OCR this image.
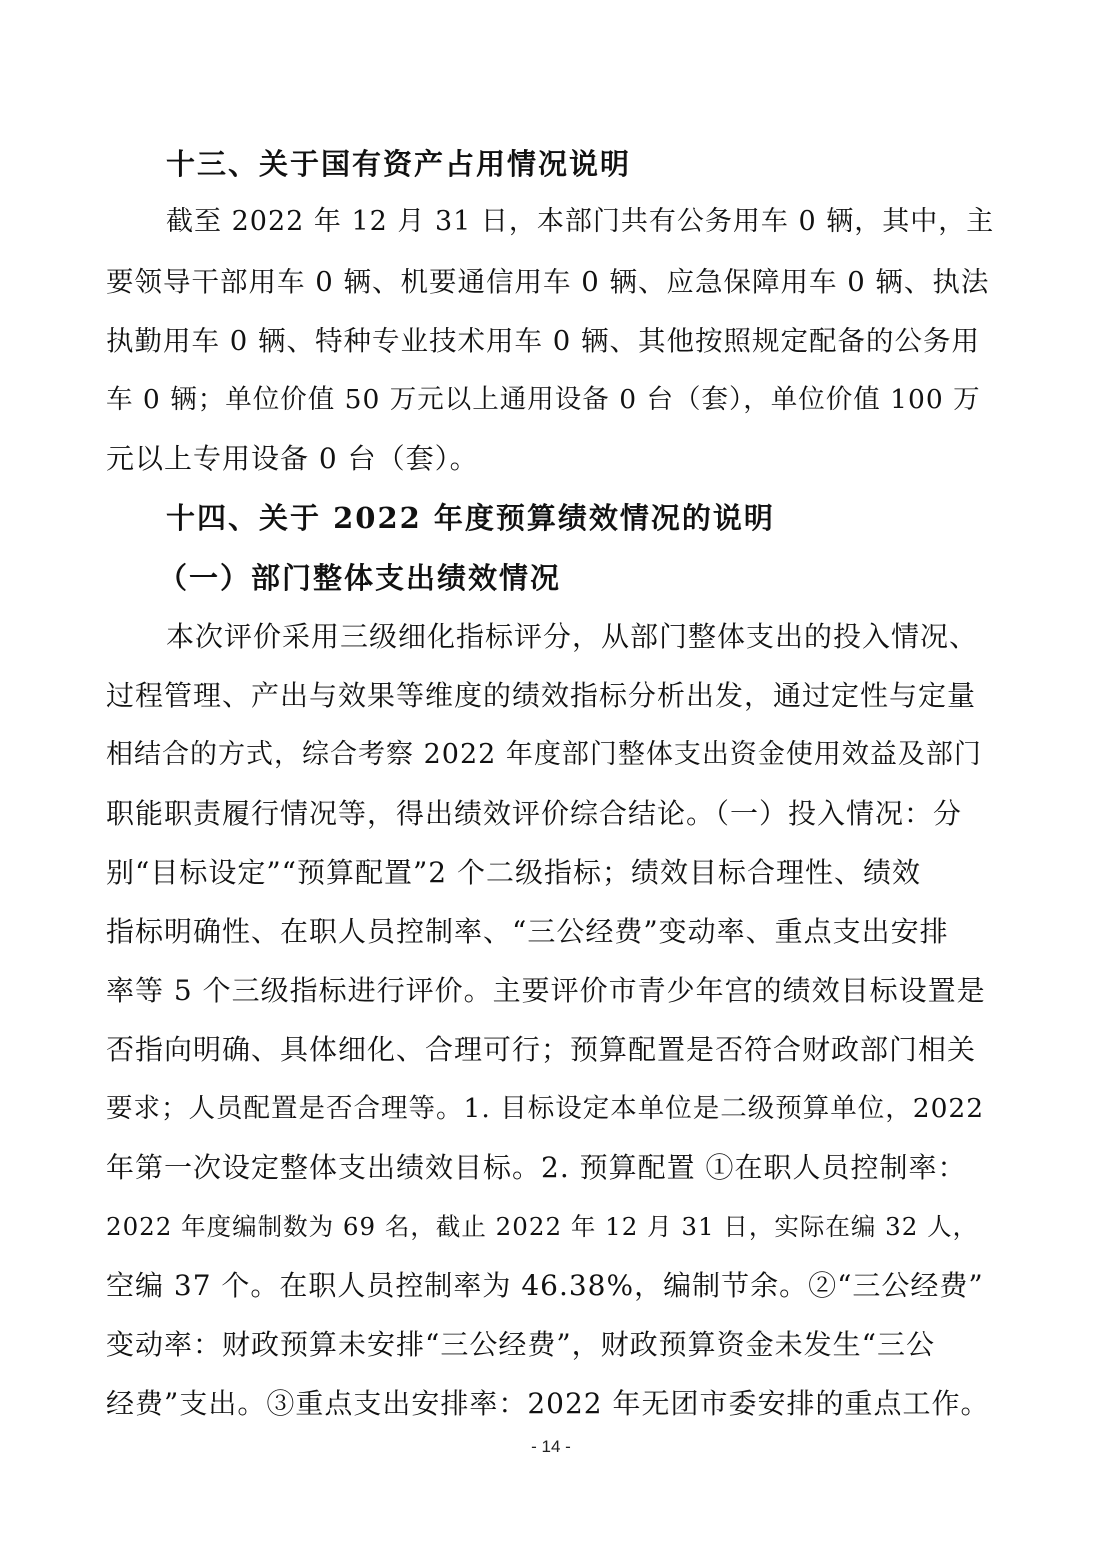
十三、关于国有资产占用情况说明
截至 2022 年 12 月 31 日，本部门共有公务用车 0 辆，其中，主
要领导干部用车 0 辆、机要通信用车 0 辆、应急保障用车 0 辆、执法
执勤用车 0 辆、特种专业技术用车 0 辆、其他按照规定配备的公务用
车 0 辆；单位价值 50 万元以上通用设备 0 台（套），单位价值 100 万
元以上专用设备 0 台（套）。
十四、关于 2022 年度预算绩效情况的说明
（一）部门整体支出绩效情况
本次评价采用三级细化指标评分，从部门整体支出的投入情况、
过程管理、产出与效果等维度的绩效指标分析出发，通过定性与定量
相结合的方式，综合考察 2022 年度部门整体支出资金使用效益及部门
职能职责履行情况等，得出绩效评价综合结论。（一）投入情况：分
别“目标设定”“预算配置”2 个二级指标；绩效目标合理性、绩效
指标明确性、在职人员控制率、“三公经费”变动率、重点支出安排
率等 5 个三级指标进行评价。主要评价市青少年宫的绩效目标设置是
否指向明确、具体细化、合理可行；预算配置是否符合财政部门相关
要求；人员配置是否合理等。1. 目标设定本单位是二级预算单位，2022
年第一次设定整体支出绩效目标。2. 预算配置 ①在职人员控制率：
2022 年度编制数为 69 名，截止 2022 年 12 月 31 日，实际在编 32 人，
空编 37 个。在职人员控制率为 46.38%，编制节余。②“三公经费”
变动率：财政预算未安排“三公经费”，财政预算资金未发生“三公
经费”支出。③重点支出安排率：2022 年无团市委安排的重点工作。
- 14 -
